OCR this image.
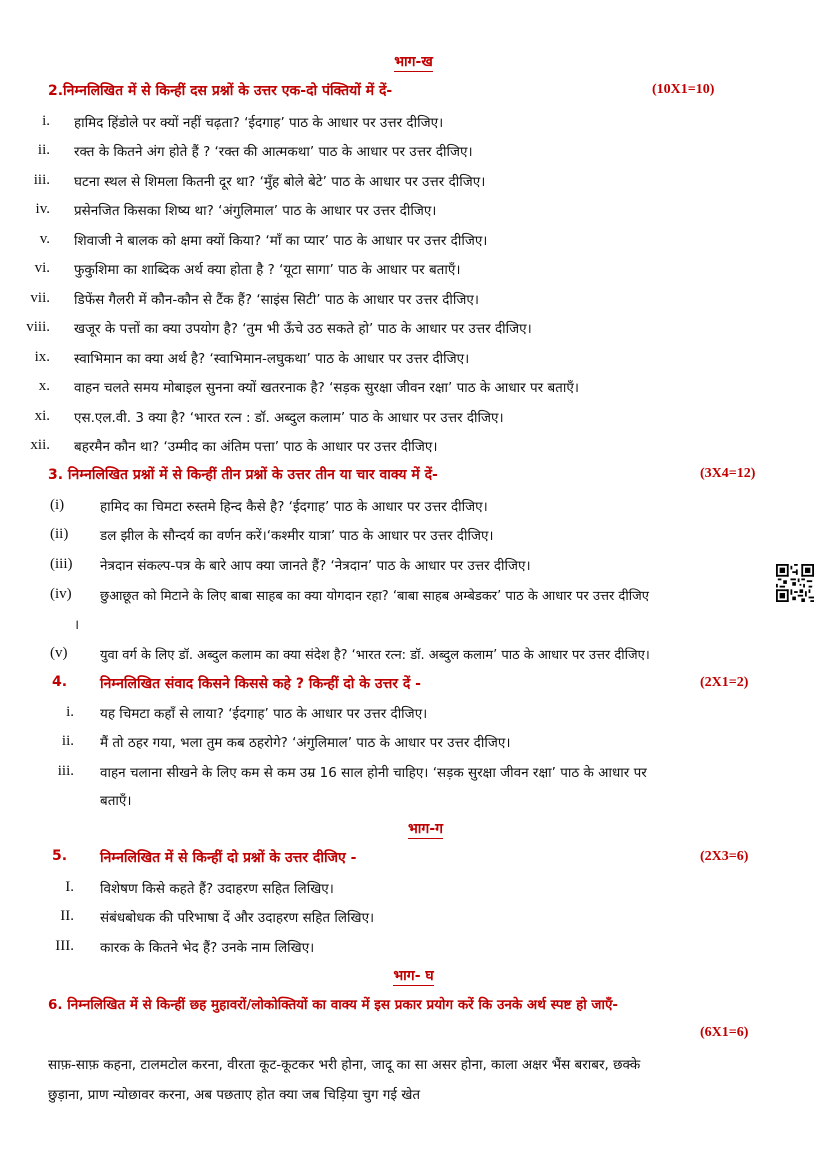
भाग-ख
2.निम्नलिखित में से किन्हीं दस प्रश्नों के उत्तर एक-दो पंक्तियों में दें-	(10X1=10)
i. हामिद हिंडोले पर क्यों नहीं चढ़ता? ‘ईदगाह’ पाठ के आधार पर उत्तर दीजिए।
ii. रक्त के कितने अंग होते हैं ? ‘रक्त की आत्मकथा’ पाठ के आधार पर उत्तर दीजिए।
iii. घटना स्थल से शिमला कितनी दूर था? ‘मुँह बोले बेटे’ पाठ के आधार पर उत्तर दीजिए।
iv. प्रसेनजित किसका शिष्य था? ‘अंगुलिमाल’ पाठ के आधार पर उत्तर दीजिए।
v. शिवाजी ने बालक को क्षमा क्यों किया? ‘माँ का प्यार’ पाठ के आधार पर उत्तर दीजिए।
vi. फुकुशिमा का शाब्दिक अर्थ क्या होता है ? ‘यूटा सागा’ पाठ के आधार पर बताएँ।
vii. डिफेंस गैलरी में कौन-कौन से टैंक हैं? ‘साइंस सिटी’ पाठ के आधार पर उत्तर दीजिए।
viii. खजूर के पत्तों का क्या उपयोग है? ‘तुम भी ऊँचे उठ सकते हो’ पाठ के आधार पर उत्तर दीजिए।
ix. स्वाभिमान का क्या अर्थ है? ‘स्वाभिमान-लघुकथा’ पाठ के आधार पर उत्तर दीजिए।
x. वाहन चलते समय मोबाइल सुनना क्यों खतरनाक है? ‘सड़क सुरक्षा जीवन रक्षा’ पाठ के आधार पर बताएँ।
xi. एस.एल.वी. 3 क्या है? ‘भारत रत्न : डॉ. अब्दुल कलाम’ पाठ के आधार पर उत्तर दीजिए।
xii. बहरमैन कौन था? ‘उम्मीद का अंतिम पत्ता’ पाठ के आधार पर उत्तर दीजिए।
3. निम्नलिखित प्रश्नों में से किन्हीं तीन प्रश्नों के उत्तर तीन या चार वाक्य में दें-	(3X4=12)
(i)	हामिद का चिमटा रुस्तमे हिन्द कैसे है? ‘ईदगाह’ पाठ के आधार पर उत्तर दीजिए।
(ii) डल झील के सौन्दर्य का वर्णन करें।‘कश्मीर यात्रा’ पाठ के आधार पर उत्तर दीजिए।
(iii) नेत्रदान संकल्प-पत्र के बारे आप क्या जानते हैं? ‘नेत्रदान’ पाठ के आधार पर उत्तर दीजिए।
(iv) छुआछूत को मिटाने के लिए बाबा साहब का क्या योगदान रहा? ‘बाबा साहब अम्बेडकर’ पाठ के आधार पर उत्तर दीजिए
।
(v)	युवा वर्ग के लिए डॉ. अब्दुल कलाम का क्या संदेश है? ‘भारत रत्न: डॉ. अब्दुल कलाम’ पाठ के आधार पर उत्तर दीजिए।
4. निम्नलिखित संवाद किसने किससे कहे ? किन्हीं दो के उत्तर दें -	(2X1=2)
i. यह चिमटा कहाँ से लाया? ‘ईदगाह’ पाठ के आधार पर उत्तर दीजिए।
ii. मैं तो ठहर गया, भला तुम कब ठहरोगे? ‘अंगुलिमाल’ पाठ के आधार पर उत्तर दीजिए।
iii. वाहन चलाना सीखने के लिए कम से कम उम्र 16 साल होनी चाहिए। ‘सड़क सुरक्षा जीवन रक्षा’ पाठ के आधार पर
बताएँ।
भाग-ग
5. निम्नलिखित में से किन्हीं दो प्रश्नों के उत्तर दीजिए -	(2X3=6)
I. विशेषण किसे कहते हैं? उदाहरण सहित लिखिए।
II. संबंधबोधक की परिभाषा दें और उदाहरण सहित लिखिए।
III. कारक के कितने भेद हैं? उनके नाम लिखिए।
भाग- घ
6. निम्नलिखित में से किन्हीं छह मुहावरों/लोकोक्तियों का वाक्य में इस प्रकार प्रयोग करें कि उनके अर्थ स्पष्ट हो जाएँ-
(6X1=6)
साफ़-साफ़ कहना, टालमटोल करना, वीरता कूट-कूटकर भरी होना, जादू का सा असर होना, काला अक्षर भैंस बराबर, छक्के
छुड़ाना, प्राण न्योछावर करना, अब पछताए होत क्या जब चिड़िया चुग गई खेत
